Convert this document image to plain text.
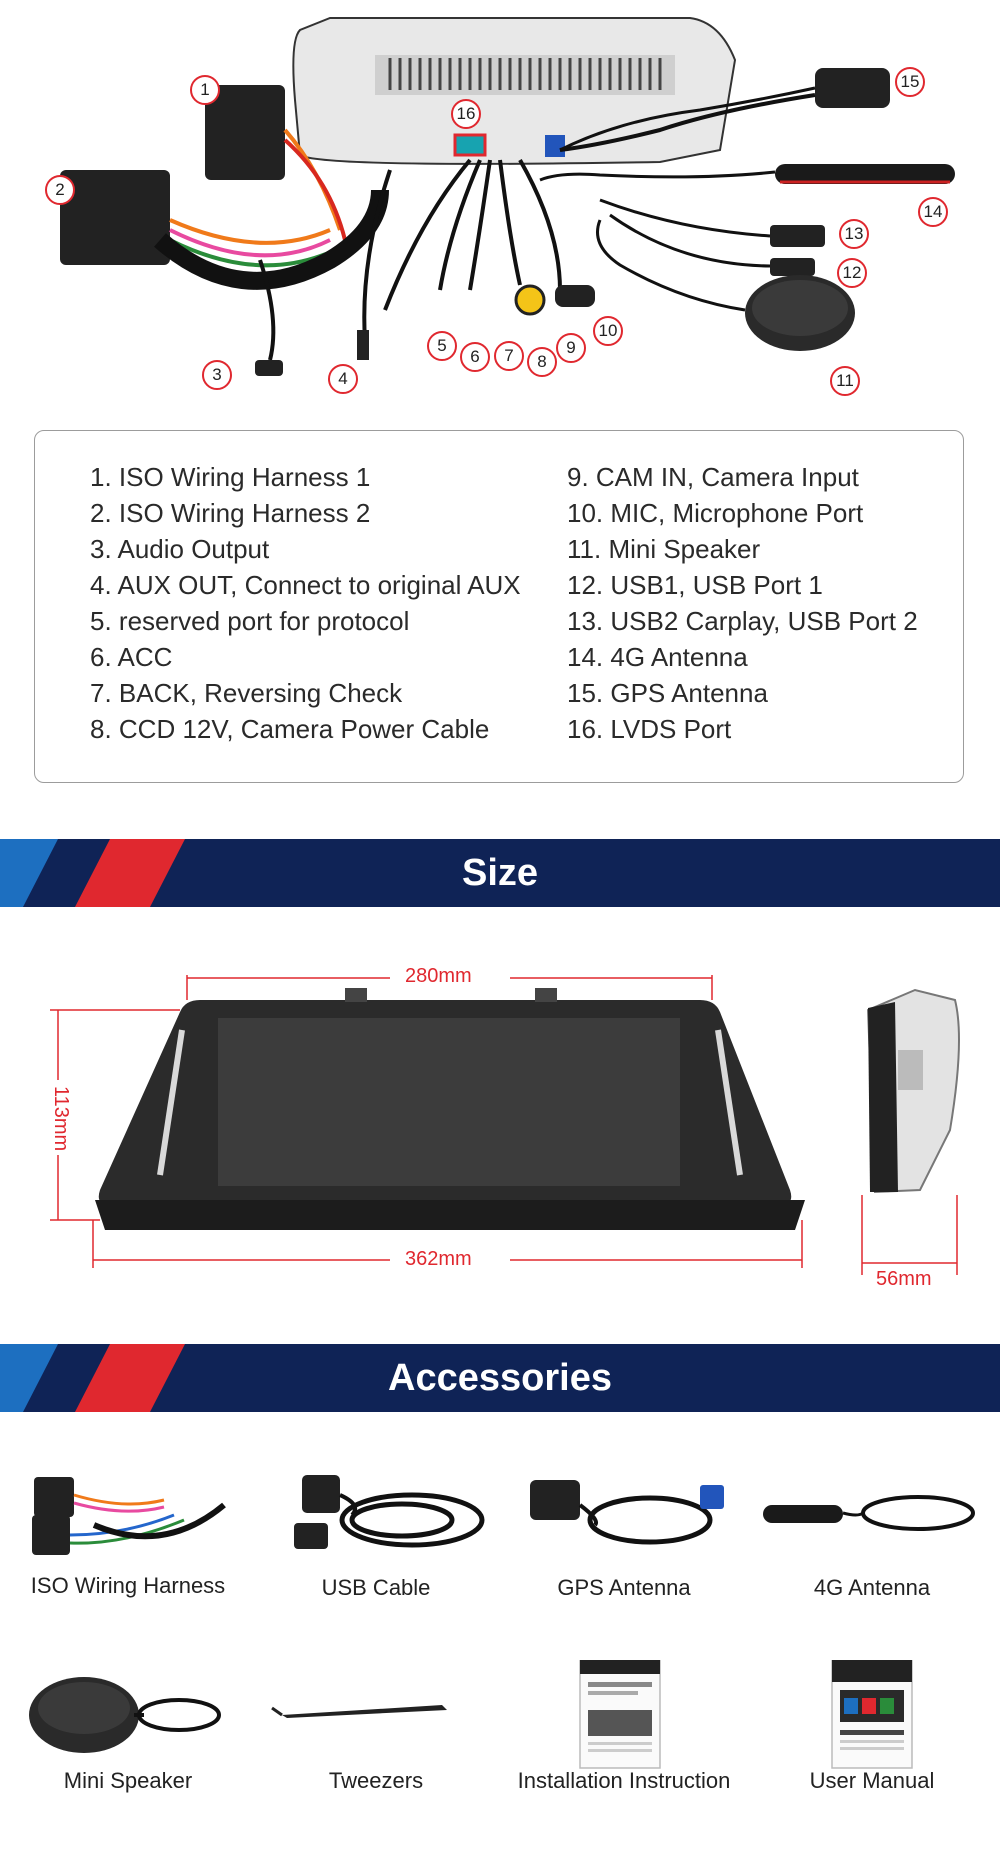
1
2
3	4
5
6	7	8
9
10
11
12
13
14
15
16
1. ISO Wiring Harness 1
2. ISO Wiring Harness 2
3. Audio Output
4. AUX OUT, Connect to original AUX
5. reserved port for protocol
6. ACC
7. BACK, Reversing Check
8. CCD 12V, Camera Power Cable
9. CAM IN, Camera Input
10. MIC, Microphone Port
11. Mini Speaker
12. USB1, USB Port 1
13. USB2 Carplay, USB Port 2
14. 4G Antenna
15. GPS Antenna
16. LVDS Port
Size
280mm
113mm
362mm
56mm
Accessories
ISO Wiring Harness	USB Cable	GPS Antenna	4G Antenna
Mini Speaker	Tweezers	Installation Instruction	User Manual
